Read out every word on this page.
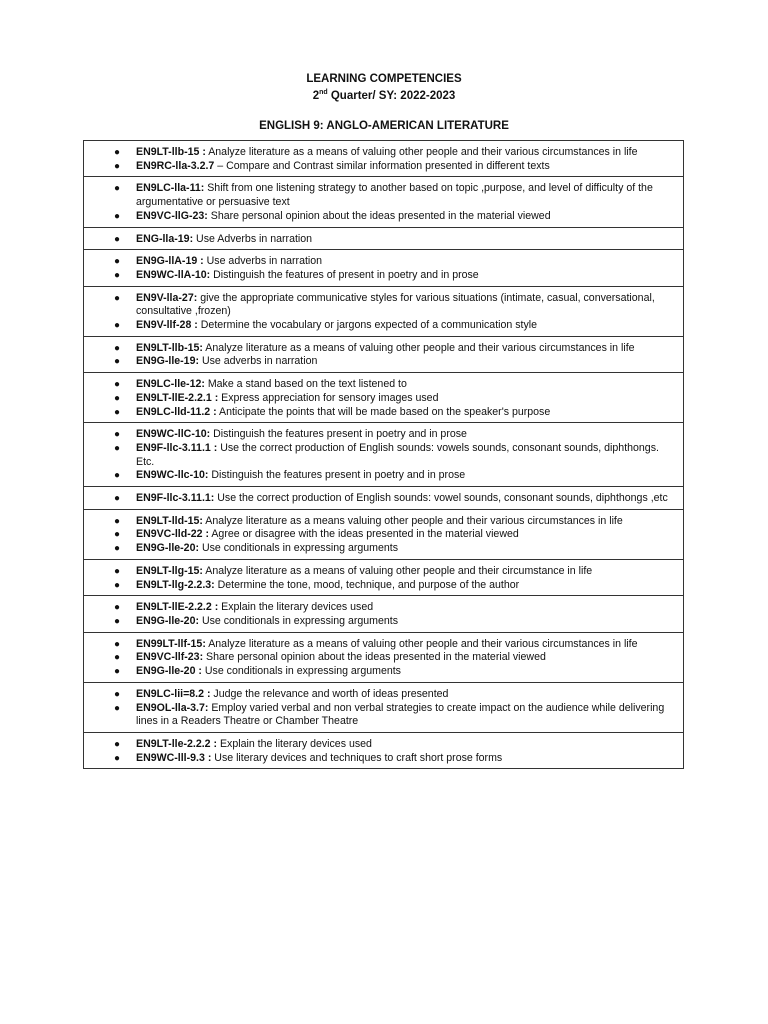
LEARNING COMPETENCIES
2nd Quarter/ SY: 2022-2023
ENGLISH 9: ANGLO-AMERICAN LITERATURE
● EN9LT-llb-15 : Analyze literature as a means of valuing other people and their various circumstances in life
● EN9RC-lla-3.2.7 – Compare and Contrast similar information presented in different texts
● EN9LC-lla-11: Shift from one listening strategy to another based on topic ,purpose, and level of difficulty of the argumentative or persuasive text
● EN9VC-llG-23: Share personal opinion about the ideas presented in the material viewed
● ENG-lla-19: Use Adverbs in narration
● EN9G-llA-19 : Use adverbs in narration
● EN9WC-llA-10: Distinguish the features of present in poetry and in prose
● EN9V-lla-27: give the appropriate communicative styles for various situations (intimate, casual, conversational, consultative ,frozen)
● EN9V-llf-28 : Determine the vocabulary or jargons expected of a communication style
● EN9LT-llb-15: Analyze literature as a means of valuing other people and their various circumstances in life
● EN9G-lle-19: Use adverbs in narration
● EN9LC-lle-12: Make a stand based on the text listened to
● EN9LT-llE-2.2.1 : Express appreciation for sensory images used
● EN9LC-lld-11.2 : Anticipate the points that will be made based on the speaker's purpose
● EN9WC-llC-10: Distinguish the features present in poetry and in prose
● EN9F-llc-3.11.1 : Use the correct production of English sounds: vowels sounds, consonant sounds, diphthongs. Etc.
● EN9WC-llc-10: Distinguish the features present in poetry and in prose
● EN9F-llc-3.11.1: Use the correct production of English sounds: vowel sounds, consonant sounds, diphthongs ,etc
● EN9LT-lld-15: Analyze literature as a means valuing other people and their various circumstances in life
● EN9VC-lld-22 : Agree or disagree with the ideas presented in the material viewed
● EN9G-lle-20: Use conditionals in expressing arguments
● EN9LT-llg-15: Analyze literature as a means of valuing other people and their circumstance in life
● EN9LT-llg-2.2.3: Determine the tone, mood, technique, and purpose of the author
● EN9LT-llE-2.2.2 : Explain the literary devices used
● EN9G-lle-20: Use conditionals in expressing arguments
● EN99LT-llf-15: Analyze literature as a means of valuing other people and their various circumstances in life
● EN9VC-llf-23: Share personal opinion about the ideas presented in the material viewed
● EN9G-lle-20 : Use conditionals in expressing arguments
● EN9LC-lii=8.2 : Judge the relevance and worth of ideas presented
● EN9OL-lla-3.7: Employ varied verbal and non verbal strategies to create impact on the audience while delivering lines in a Readers Theatre or Chamber Theatre
● EN9LT-lle-2.2.2 : Explain the literary devices used
● EN9WC-lll-9.3 : Use literary devices and techniques to craft short prose forms
